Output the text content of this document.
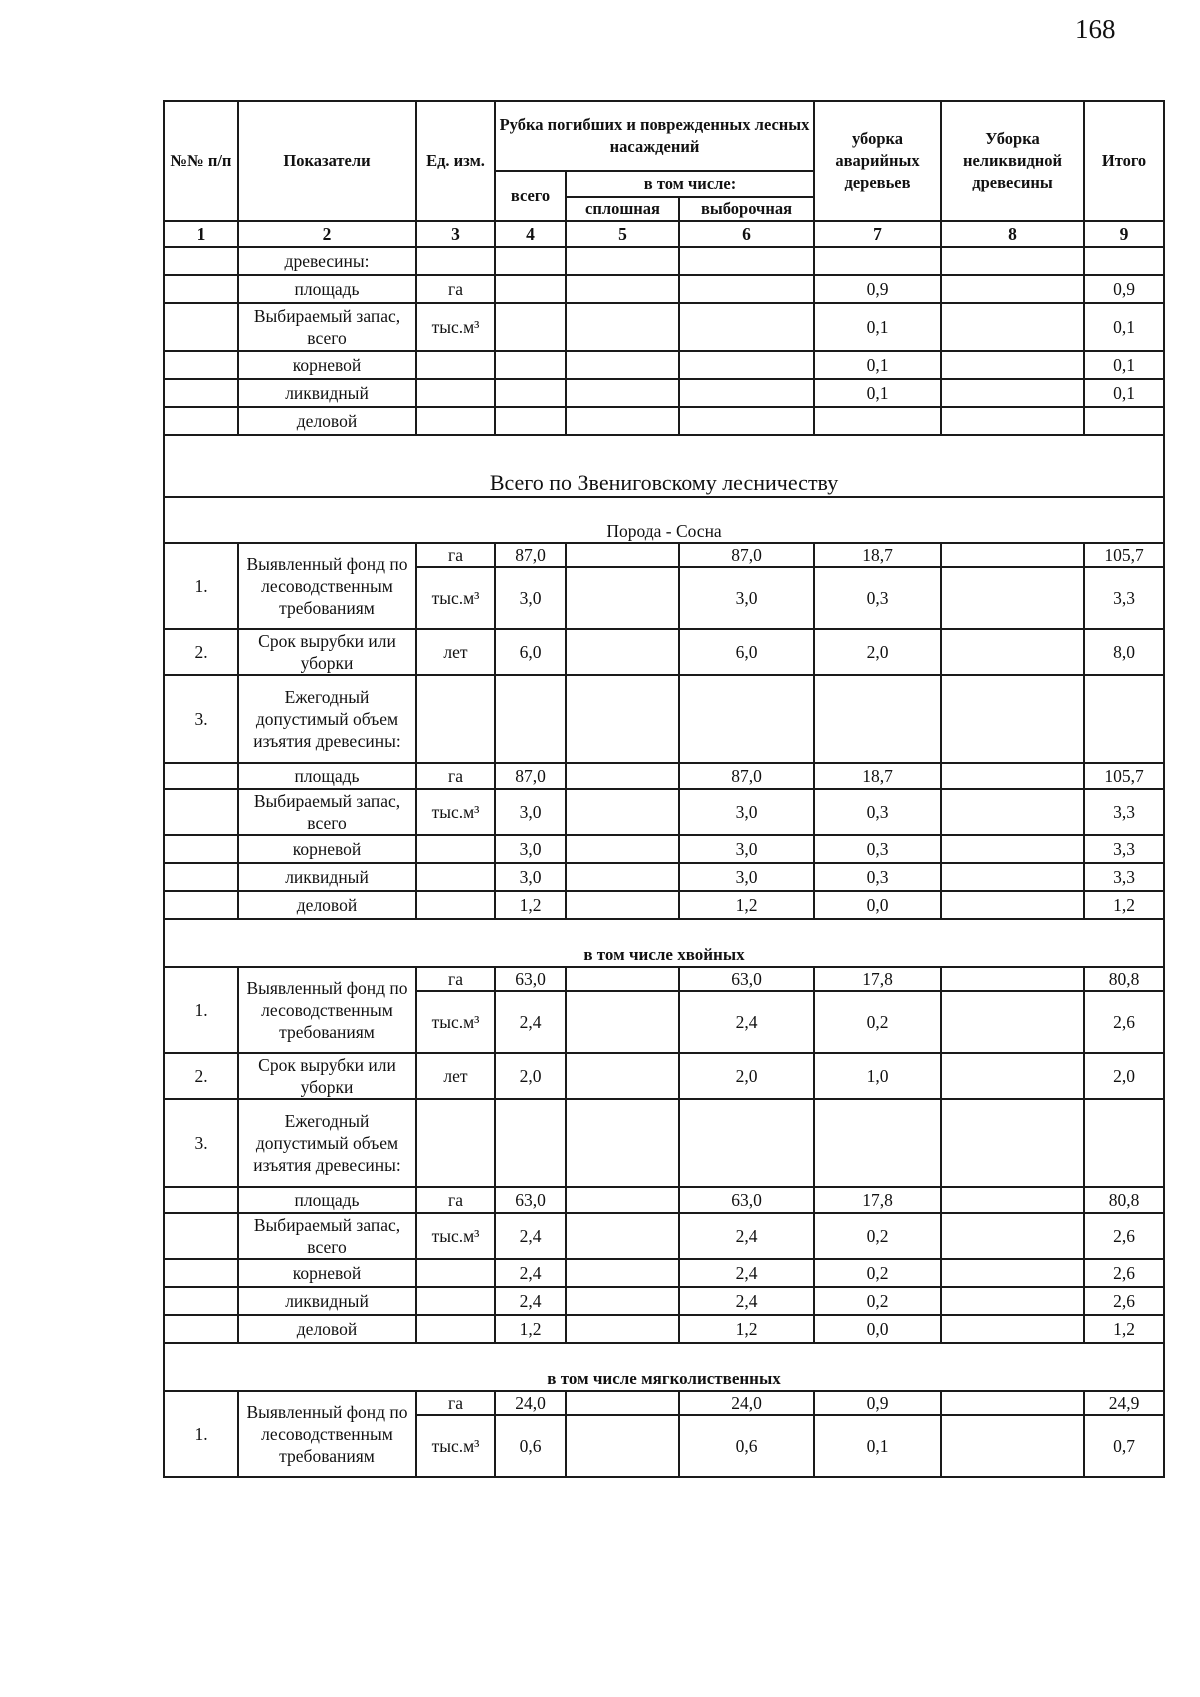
168
№№ п/п	Показатели	Ед. изм.	Рубка погибших и поврежденных лесных насаждений			уборка аварийных деревьев	Уборка неликвидной древесины	Итого
			всего	в том числе:				
				сплошная	выборочная			
1	2	3	4	5	6	7	8	9
	древесины:							
	площадь	га				0,9		0,9
	Выбираемый запас, всего	тыс.м³				0,1		0,1
	корневой					0,1		0,1
	ликвидный					0,1		0,1
	деловой							
Всего по Звениговскому лесничеству								
Порода - Сосна								
1.	Выявленный фонд по лесоводственным требованиям	га	87,0		87,0	18,7		105,7
		тыс.м³	3,0		3,0	0,3		3,3
2.	Срок вырубки или уборки	лет	6,0		6,0	2,0		8,0
3.	Ежегодный допустимый объем изъятия древесины:							
	площадь	га	87,0		87,0	18,7		105,7
	Выбираемый запас, всего	тыс.м³	3,0		3,0	0,3		3,3
	корневой		3,0		3,0	0,3		3,3
	ликвидный		3,0		3,0	0,3		3,3
	деловой		1,2		1,2	0,0		1,2
в том числе хвойных								
1.	Выявленный фонд по лесоводственным требованиям	га	63,0		63,0	17,8		80,8
		тыс.м³	2,4		2,4	0,2		2,6
2.	Срок вырубки или уборки	лет	2,0		2,0	1,0		2,0
3.	Ежегодный допустимый объем изъятия древесины:							
	площадь	га	63,0		63,0	17,8		80,8
	Выбираемый запас, всего	тыс.м³	2,4		2,4	0,2		2,6
	корневой		2,4		2,4	0,2		2,6
	ликвидный		2,4		2,4	0,2		2,6
	деловой		1,2		1,2	0,0		1,2
в том числе мягколиственных								
1.	Выявленный фонд по лесоводственным требованиям	га	24,0		24,0	0,9		24,9
		тыс.м³	0,6		0,6	0,1		0,7
